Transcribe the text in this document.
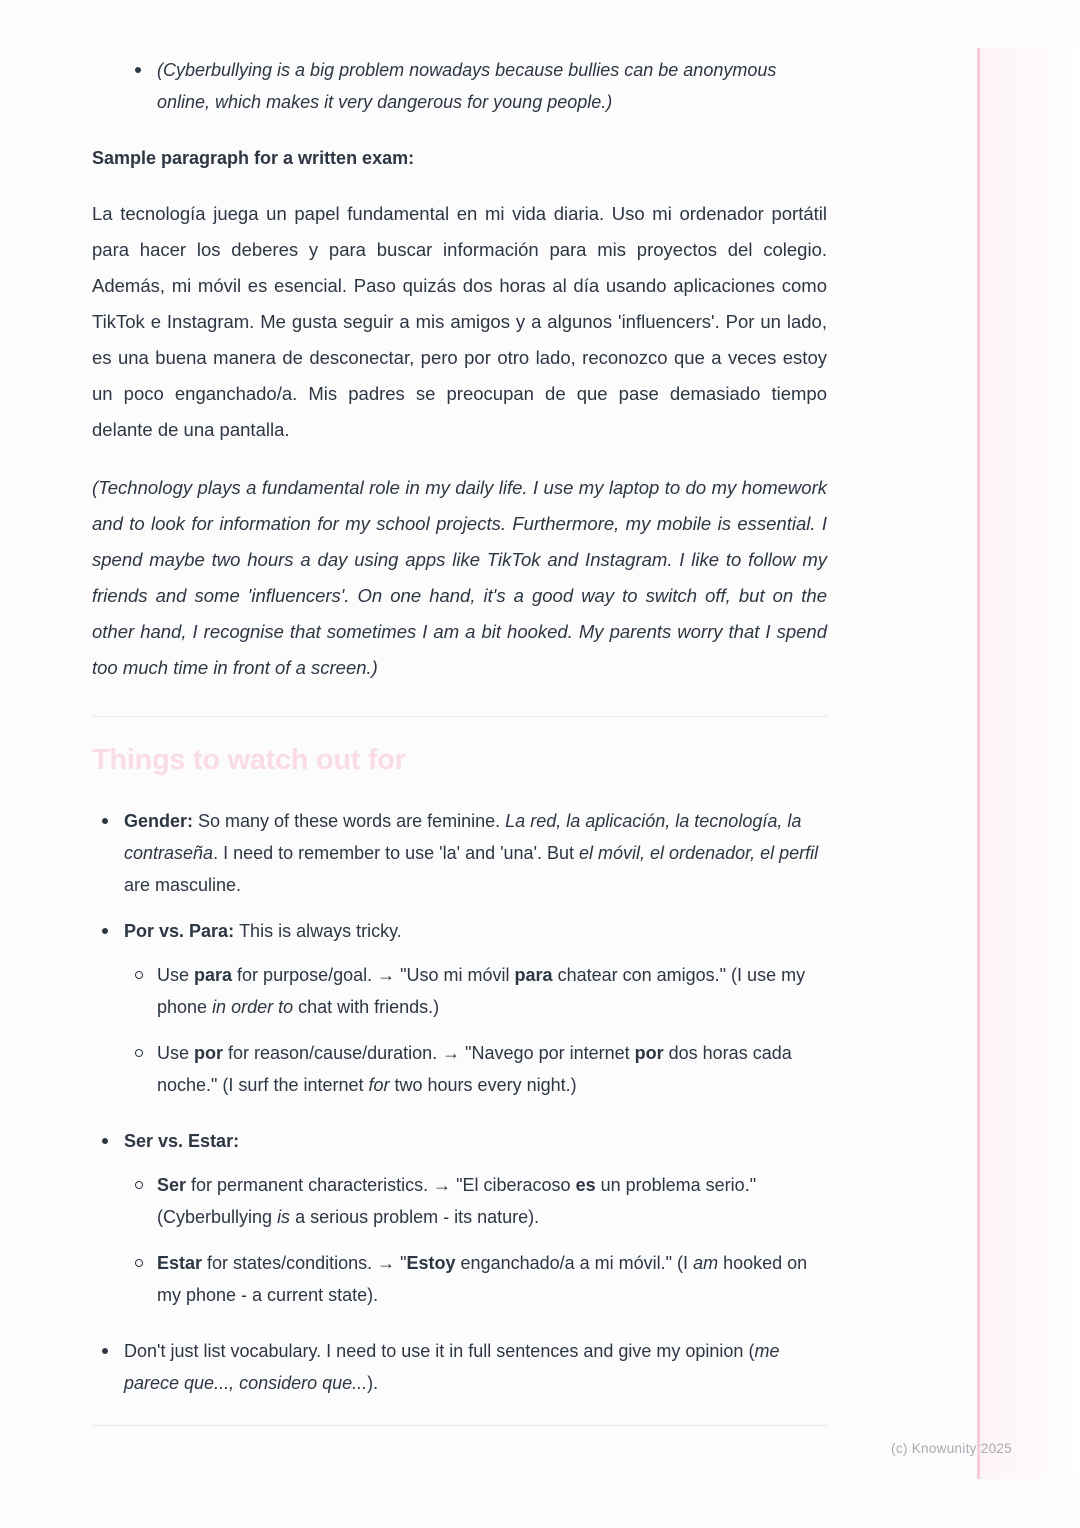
(Cyberbullying is a big problem nowadays because bullies can be anonymous online, which makes it very dangerous for young people.)
Sample paragraph for a written exam:

La tecnología juega un papel fundamental en mi vida diaria. Uso mi ordenador portátil para hacer los deberes y para buscar información para mis proyectos del colegio. Además, mi móvil es esencial. Paso quizás dos horas al día usando aplicaciones como TikTok e Instagram. Me gusta seguir a mis amigos y a algunos 'influencers'. Por un lado, es una buena manera de desconectar, pero por otro lado, reconozco que a veces estoy un poco enganchado/a. Mis padres se preocupan de que pase demasiado tiempo delante de una pantalla.

(Technology plays a fundamental role in my daily life. I use my laptop to do my homework and to look for information for my school projects. Furthermore, my mobile is essential. I spend maybe two hours a day using apps like TikTok and Instagram. I like to follow my friends and some 'influencers'. On one hand, it's a good way to switch off, but on the other hand, I recognise that sometimes I am a bit hooked. My parents worry that I spend too much time in front of a screen.)

Things to watch out for
Gender: So many of these words are feminine. La red, la aplicación, la tecnología, la contraseña. I need to remember to use 'la' and 'una'. But el móvil, el ordenador, el perfil are masculine.
Por vs. Para: This is always tricky.
Use para for purpose/goal. → "Uso mi móvil para chatear con amigos." (I use my phone in order to chat with friends.)
Use por for reason/cause/duration. → "Navego por internet por dos horas cada noche." (I surf the internet for two hours every night.)
Ser vs. Estar:
Ser for permanent characteristics. → "El ciberacoso es un problema serio." (Cyberbullying is a serious problem - its nature).
Estar for states/conditions. → "Estoy enganchado/a a mi móvil." (I am hooked on my phone - a current state).
Don't just list vocabulary. I need to use it in full sentences and give my opinion (me parece que..., considero que...).
(c) Knowunity 2025
